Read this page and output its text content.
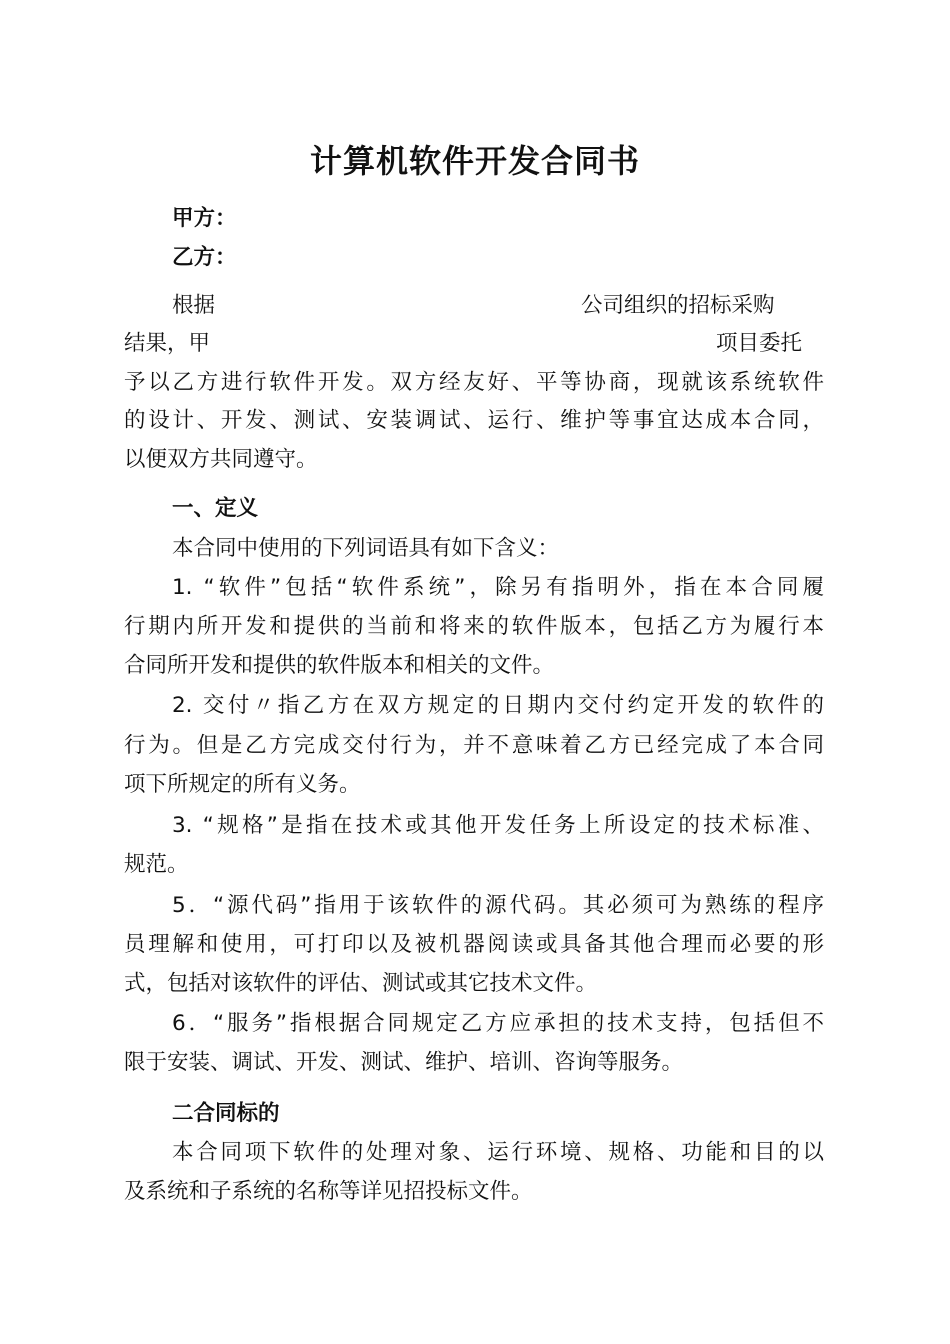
计算机软件开发合同书
甲方：
乙方：
根据	公司组织的招标采购
结果，甲	项目委托
予以乙方进行软件开发。双方经友好、平等协商，现就该系统软件
的设计、开发、测试、安装调试、运行、维护等事宜达成本合同，
以便双方共同遵守。
一、定义
本合同中使用的下列词语具有如下含义：
1. “软件”包括“软件系统”，除另有指明外，指在本合同履
行期内所开发和提供的当前和将来的软件版本，包括乙方为履行本
合同所开发和提供的软件版本和相关的文件。
2. 交付〃指乙方在双方规定的日期内交付约定开发的软件的
行为。但是乙方完成交付行为，并不意味着乙方已经完成了本合同
项下所规定的所有义务。
3. “规格”是指在技术或其他开发任务上所设定的技术标准、
规范。
5．“源代码”指用于该软件的源代码。其必须可为熟练的程序
员理解和使用，可打印以及被机器阅读或具备其他合理而必要的形
式，包括对该软件的评估、测试或其它技术文件。
6．“服务”指根据合同规定乙方应承担的技术支持，包括但不
限于安装、调试、开发、测试、维护、培训、咨询等服务。
二合同标的
本合同项下软件的处理对象、运行环境、规格、功能和目的以
及系统和子系统的名称等详见招投标文件。
